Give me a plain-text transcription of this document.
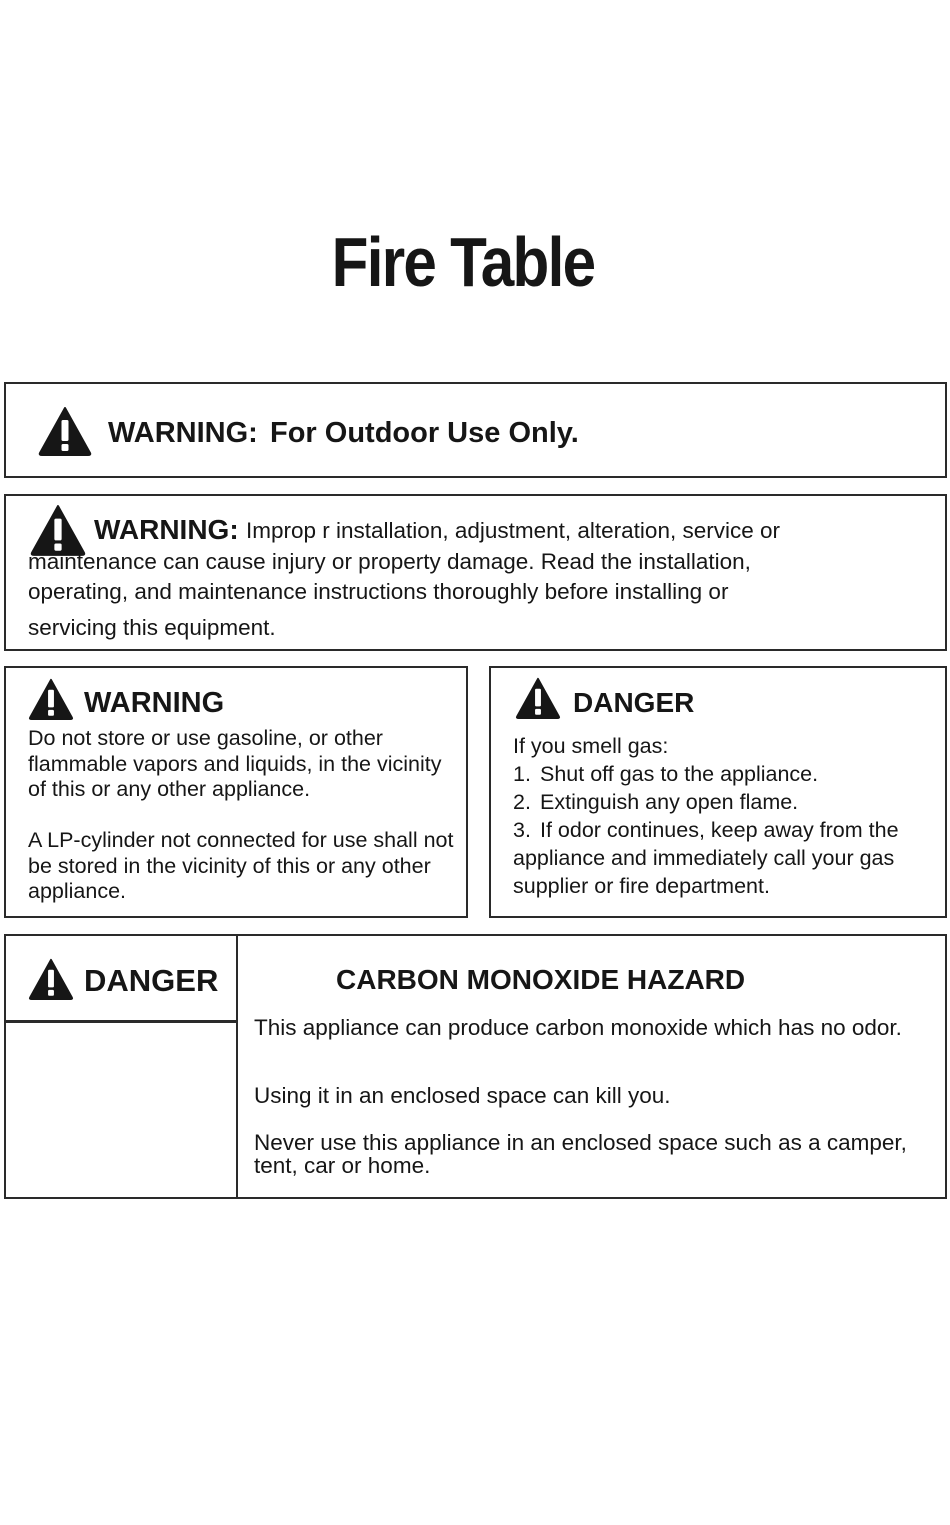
Fire Table
WARNING: For Outdoor Use Only.
WARNING: Improp r installation, adjustment, alteration, service or
maintenance can cause injury or property damage. Read the installation,
operating, and maintenance instructions thoroughly before installing or
servicing this equipment.
WARNING
Do not store or use gasoline, or other flammable vapors and liquids, in the vicinity of this or any other appliance.
A LP-cylinder not connected for use shall not be stored in the vicinity of this or any other appliance.
DANGER
If you smell gas:
1. Shut off gas to the appliance.
2. Extinguish any open flame.
3. If odor continues, keep away from the appliance and immediately call your gas supplier or fire department.
DANGER	CARBON MONOXIDE HAZARD
This appliance can produce carbon monoxide which has no odor.
Using it in an enclosed space can kill you.
Never use this appliance in an enclosed space such as a camper, tent, car or home.
